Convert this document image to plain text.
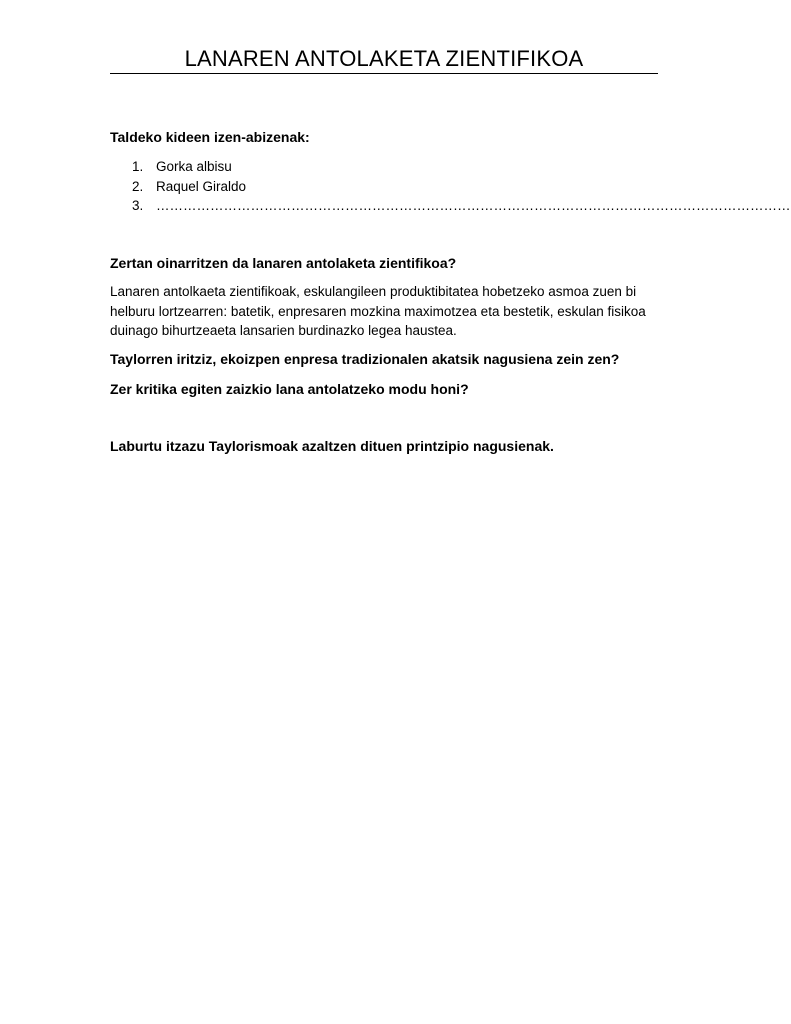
LANAREN ANTOLAKETA ZIENTIFIKOA
Taldeko kideen izen-abizenak:
1. Gorka albisu
2. Raquel Giraldo
3. ……………………………………………………………………………………………………………………………
Zertan oinarritzen da lanaren antolaketa zientifikoa?

Lanaren antolkaeta zientifikoak, eskulangileen produktibitatea hobetzeko asmoa zuen bi helburu lortzearren: batetik, enpresaren mozkina maximotzea eta bestetik, eskulan fisikoa duinago bihurtzeaeta lansarien burdinazko legea haustea.

Taylorren iritziz, ekoizpen enpresa tradizionalen akatsik nagusiena zein zen?
Zer kritika egiten zaizkio lana antolatzeko modu honi?
Laburtu itzazu Taylorismoak azaltzen dituen printzipio nagusienak.
